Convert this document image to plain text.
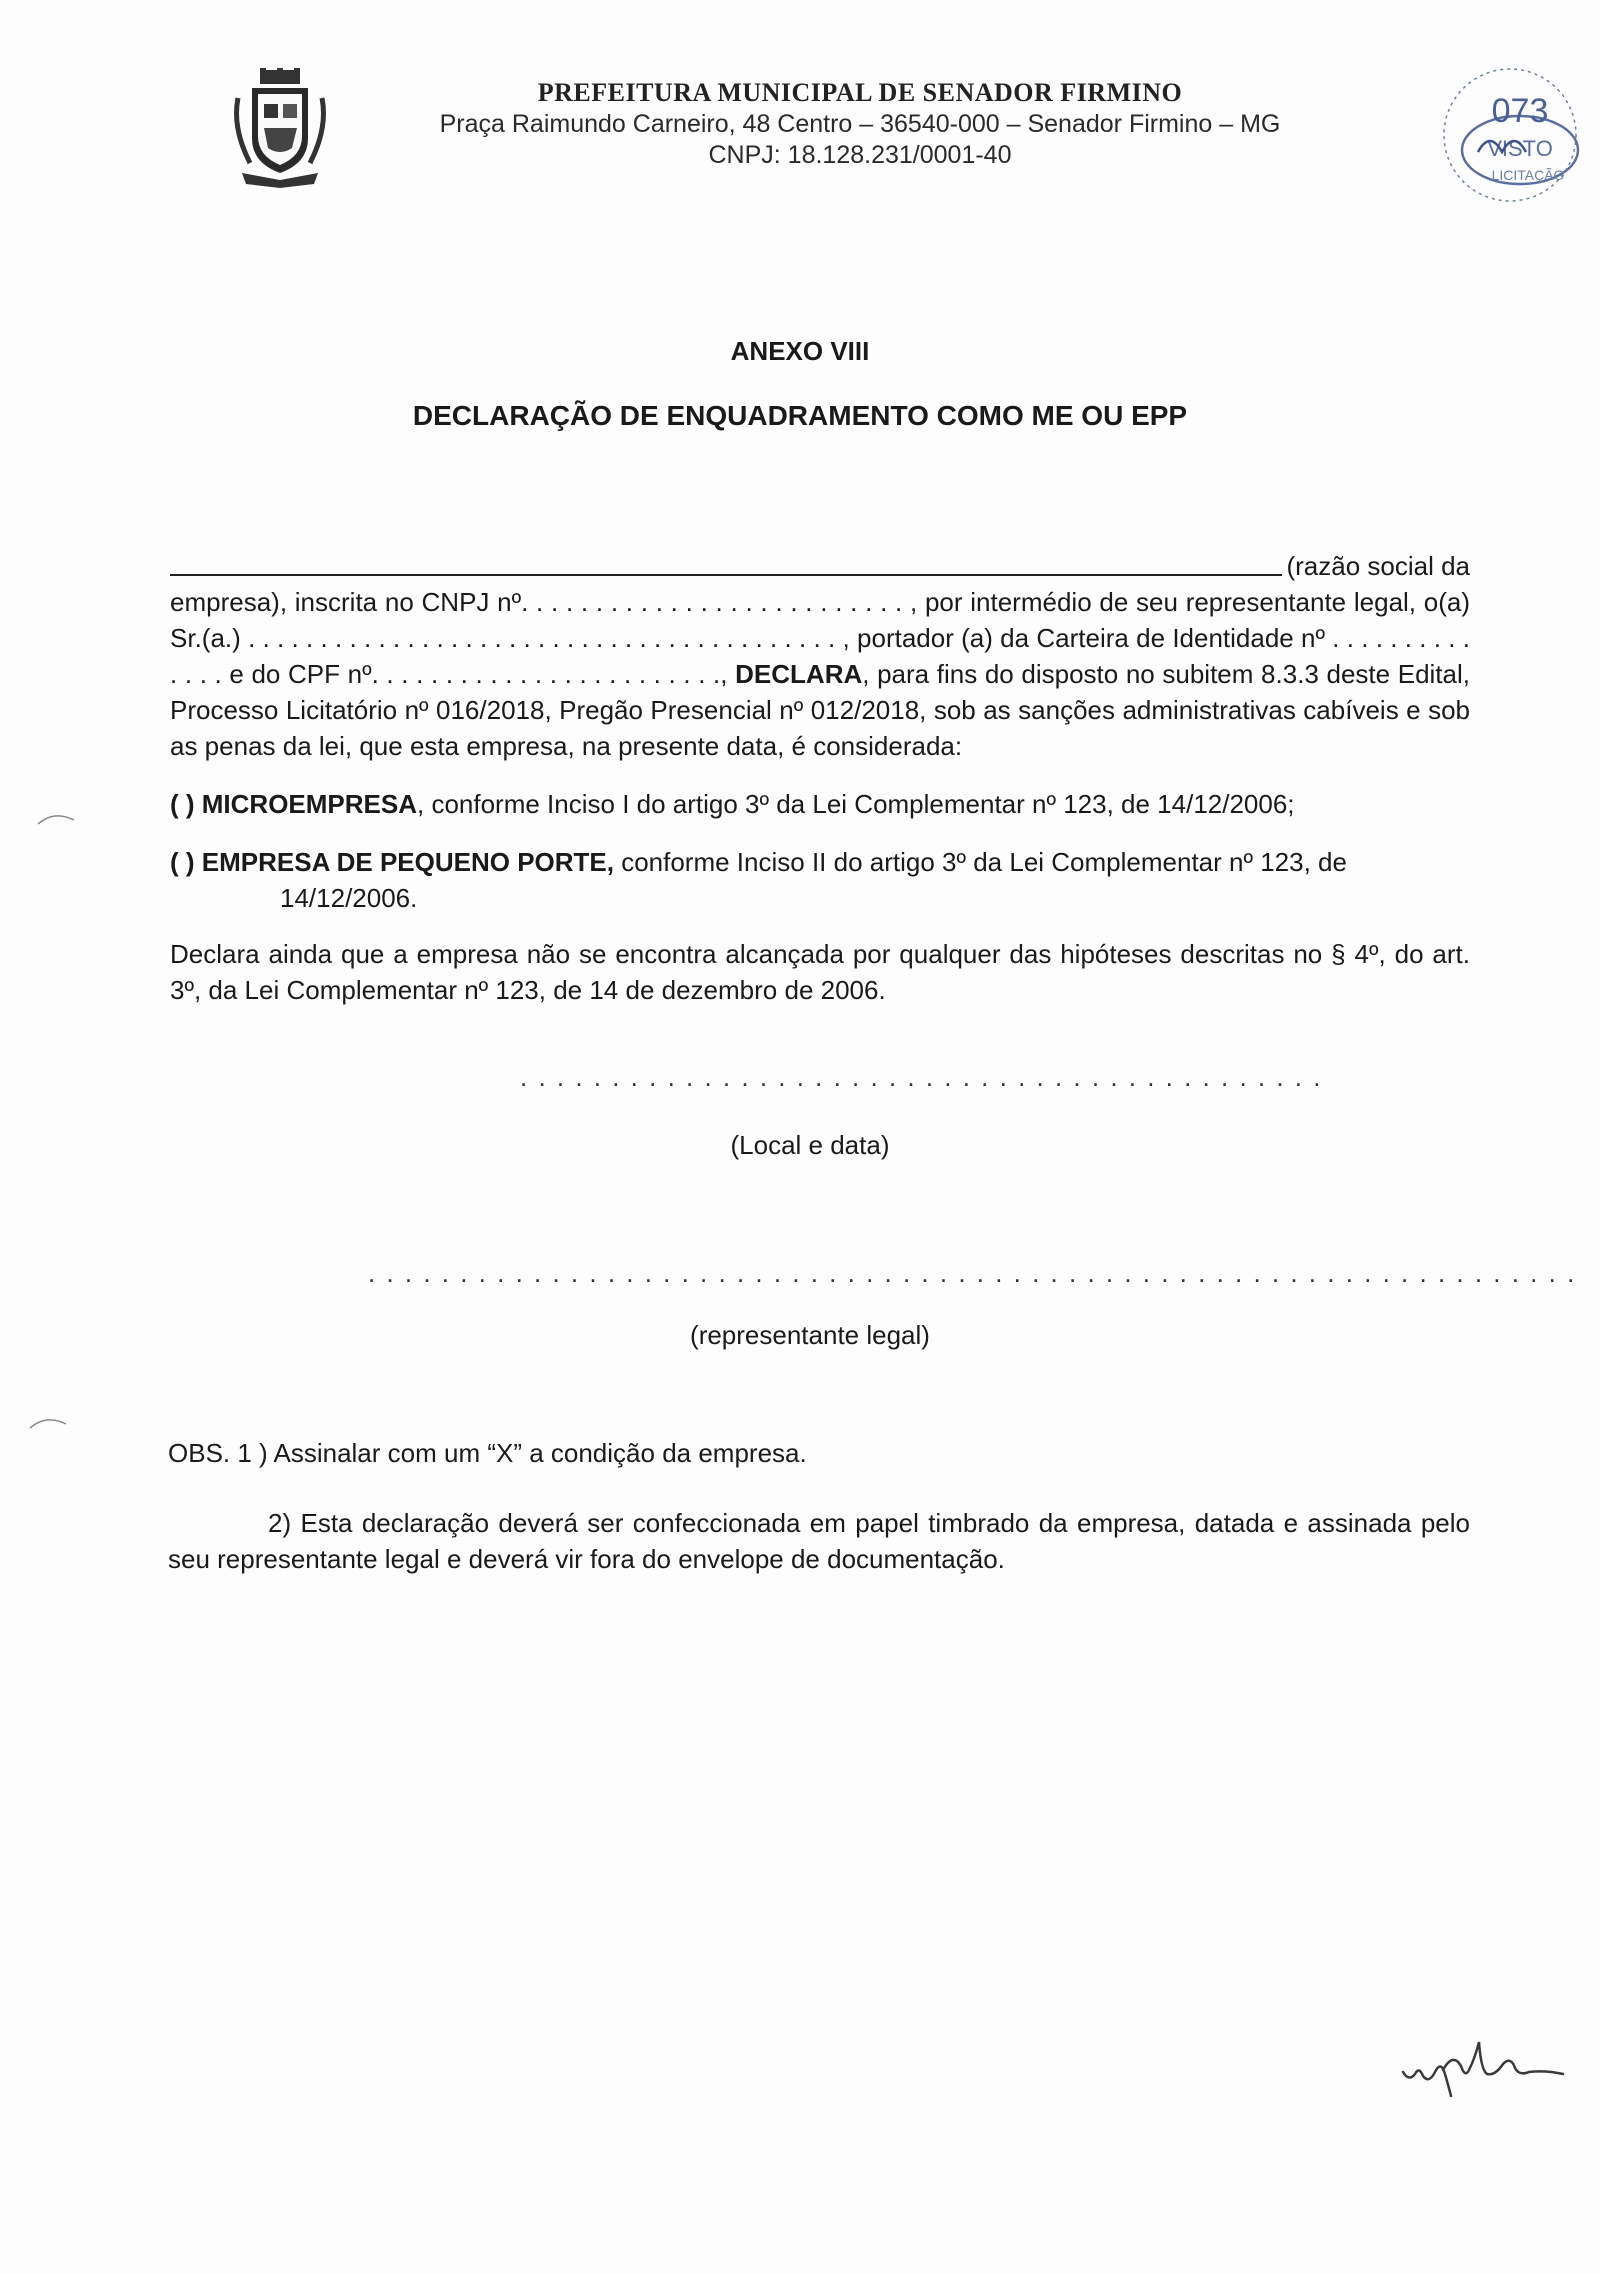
PREFEITURA MUNICIPAL DE SENADOR FIRMINO
Praça Raimundo Carneiro, 48 Centro – 36540-000 – Senador Firmino – MG
CNPJ: 18.128.231/0001-40
073
VISTO
LICITAÇÃO
ANEXO VIII
DECLARAÇÃO DE ENQUADRAMENTO COMO ME OU EPP
(razão social da
empresa), inscrita no CNPJ nº. . . . . . . . . . . . . . . . . . . . . . . . . . , por intermédio de seu representante legal, o(a) Sr.(a.) . . . . . . . . . . . . . . . . . . . . . . . . . . . . . . . . . . . . . . . . . , portador (a) da Carteira de Identidade nº . . . . . . . . . . . . . . e do CPF nº. . . . . . . . . . . . . . . . . . . . . . . ., DECLARA, para fins do disposto no subitem 8.3.3 deste Edital, Processo Licitatório nº 016/2018, Pregão Presencial nº 012/2018, sob as sanções administrativas cabíveis e sob as penas da lei, que esta empresa, na presente data, é considerada:
( ) MICROEMPRESA, conforme Inciso I do artigo 3º da Lei Complementar nº 123, de 14/12/2006;
( ) EMPRESA DE PEQUENO PORTE, conforme Inciso II do artigo 3º da Lei Complementar nº 123, de
14/12/2006.
Declara ainda que a empresa não se encontra alcançada por qualquer das hipóteses descritas no § 4º, do art. 3º, da Lei Complementar nº 123, de 14 de dezembro de 2006.
. . . . . . . . . . . . . . . . . . . . . . . . . . . . . . . . . . . . . . . . . . . .
(Local e data)
. . . . . . . . . . . . . . . . . . . . . . . . . . . . . . . . . . . . . . . . . . . . . . . . . . . . . . . . . . . . . . . . . .
(representante legal)
OBS. 1 ) Assinalar com um “X” a condição da empresa.
2) Esta declaração deverá ser confeccionada em papel timbrado da empresa, datada e assinada pelo seu representante legal e deverá vir fora do envelope de documentação.
